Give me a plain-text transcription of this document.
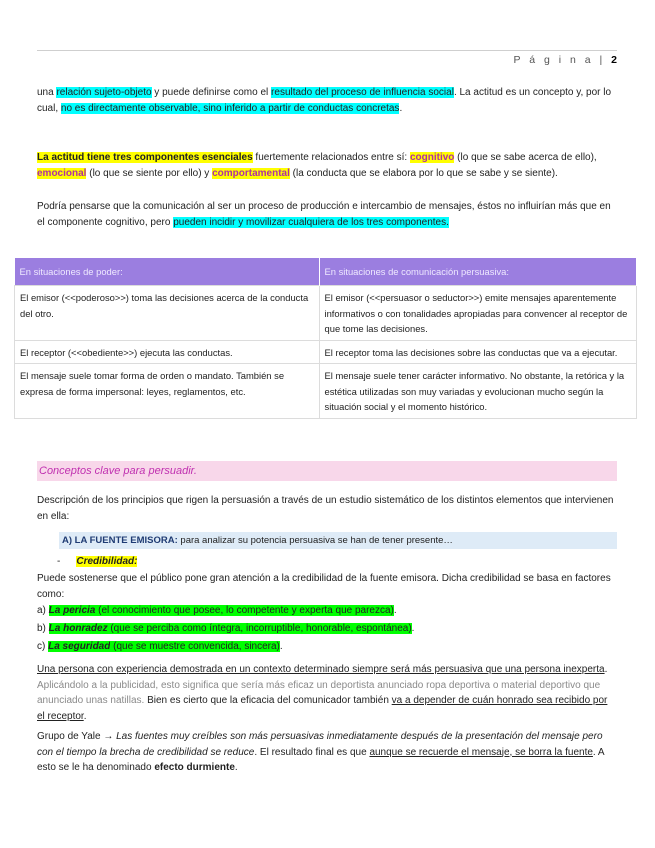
P á g i n a | 2
una relación sujeto-objeto y puede definirse como el resultado del proceso de influencia social. La actitud es un concepto y, por lo cual, no es directamente observable, sino inferido a partir de conductas concretas.
La actitud tiene tres componentes esenciales fuertemente relacionados entre sí: cognitivo (lo que se sabe acerca de ello), emocional (lo que se siente por ello) y comportamental (la conducta que se elabora por lo que se sabe y se siente).
Podría pensarse que la comunicación al ser un proceso de producción e intercambio de mensajes, éstos no influirían más que en el componente cognitivo, pero pueden incidir y movilizar cualquiera de los tres componentes.
En situaciones de poder:	En situaciones de comunicación persuasiva:
El emisor (<<poderoso>>) toma las decisiones acerca de la conducta del otro.	El emisor (<<persuasor o seductor>>) emite mensajes aparentemente informativos o con tonalidades apropiadas para convencer al receptor de que tome las decisiones.
El receptor (<<obediente>>) ejecuta las conductas.	El receptor toma las decisiones sobre las conductas que va a ejecutar.
El mensaje suele tomar forma de orden o mandato. También se expresa de forma impersonal: leyes, reglamentos, etc.	El mensaje suele tener carácter informativo. No obstante, la retórica y la estética utilizadas son muy variadas y evolucionan mucho según la situación social y el momento histórico.
Conceptos clave para persuadir.
Descripción de los principios que rigen la persuasión a través de un estudio sistemático de los distintos elementos que intervienen en ella:
A) LA FUENTE EMISORA: para analizar su potencia persuasiva se han de tener presente…
- Credibilidad:
Puede sostenerse que el público pone gran atención a la credibilidad de la fuente emisora. Dicha credibilidad se basa en factores como:
a) La pericia (el conocimiento que posee, lo competente y experta que parezca).
b) La honradez (que se perciba como íntegra, incorruptible, honorable, espontánea).
c) La seguridad (que se muestre convencida, sincera).
Una persona con experiencia demostrada en un contexto determinado siempre será más persuasiva que una persona inexperta. Aplicándolo a la publicidad, esto significa que sería más eficaz un deportista anunciado ropa deportiva o material deportivo que anunciado unas natillas. Bien es cierto que la eficacia del comunicador también va a depender de cuán honrado sea recibido por el receptor.
Grupo de Yale → Las fuentes muy creíbles son más persuasivas inmediatamente después de la presentación del mensaje pero con el tiempo la brecha de credibilidad se reduce. El resultado final es que aunque se recuerde el mensaje, se borra la fuente. A esto se le ha denominado efecto durmiente.
